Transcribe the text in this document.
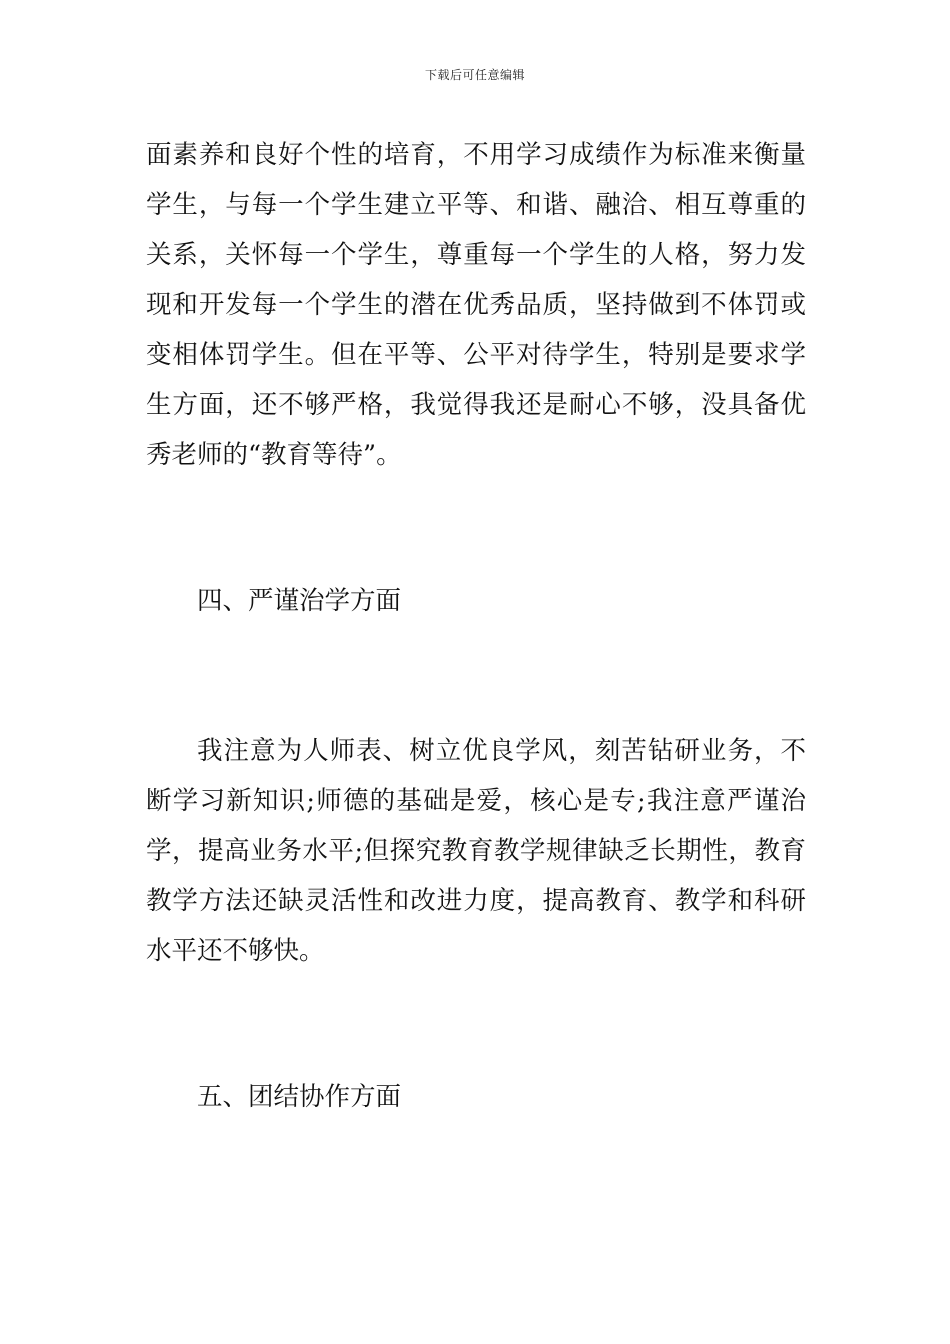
下载后可任意编辑

面素养和良好个性的培育，不用学习成绩作为标准来衡量学生，与每一个学生建立平等、和谐、融洽、相互尊重的关系，关怀每一个学生，尊重每一个学生的人格，努力发现和开发每一个学生的潜在优秀品质，坚持做到不体罚或变相体罚学生。但在平等、公平对待学生，特别是要求学生方面，还不够严格，我觉得我还是耐心不够，没具备优秀老师的“教育等待”。

四、严谨治学方面

我注意为人师表、树立优良学风，刻苦钻研业务，不断学习新知识;师德的基础是爱，核心是专;我注意严谨治学，提高业务水平;但探究教育教学规律缺乏长期性，教育教学方法还缺灵活性和改进力度，提高教育、教学和科研水平还不够快。

五、团结协作方面
